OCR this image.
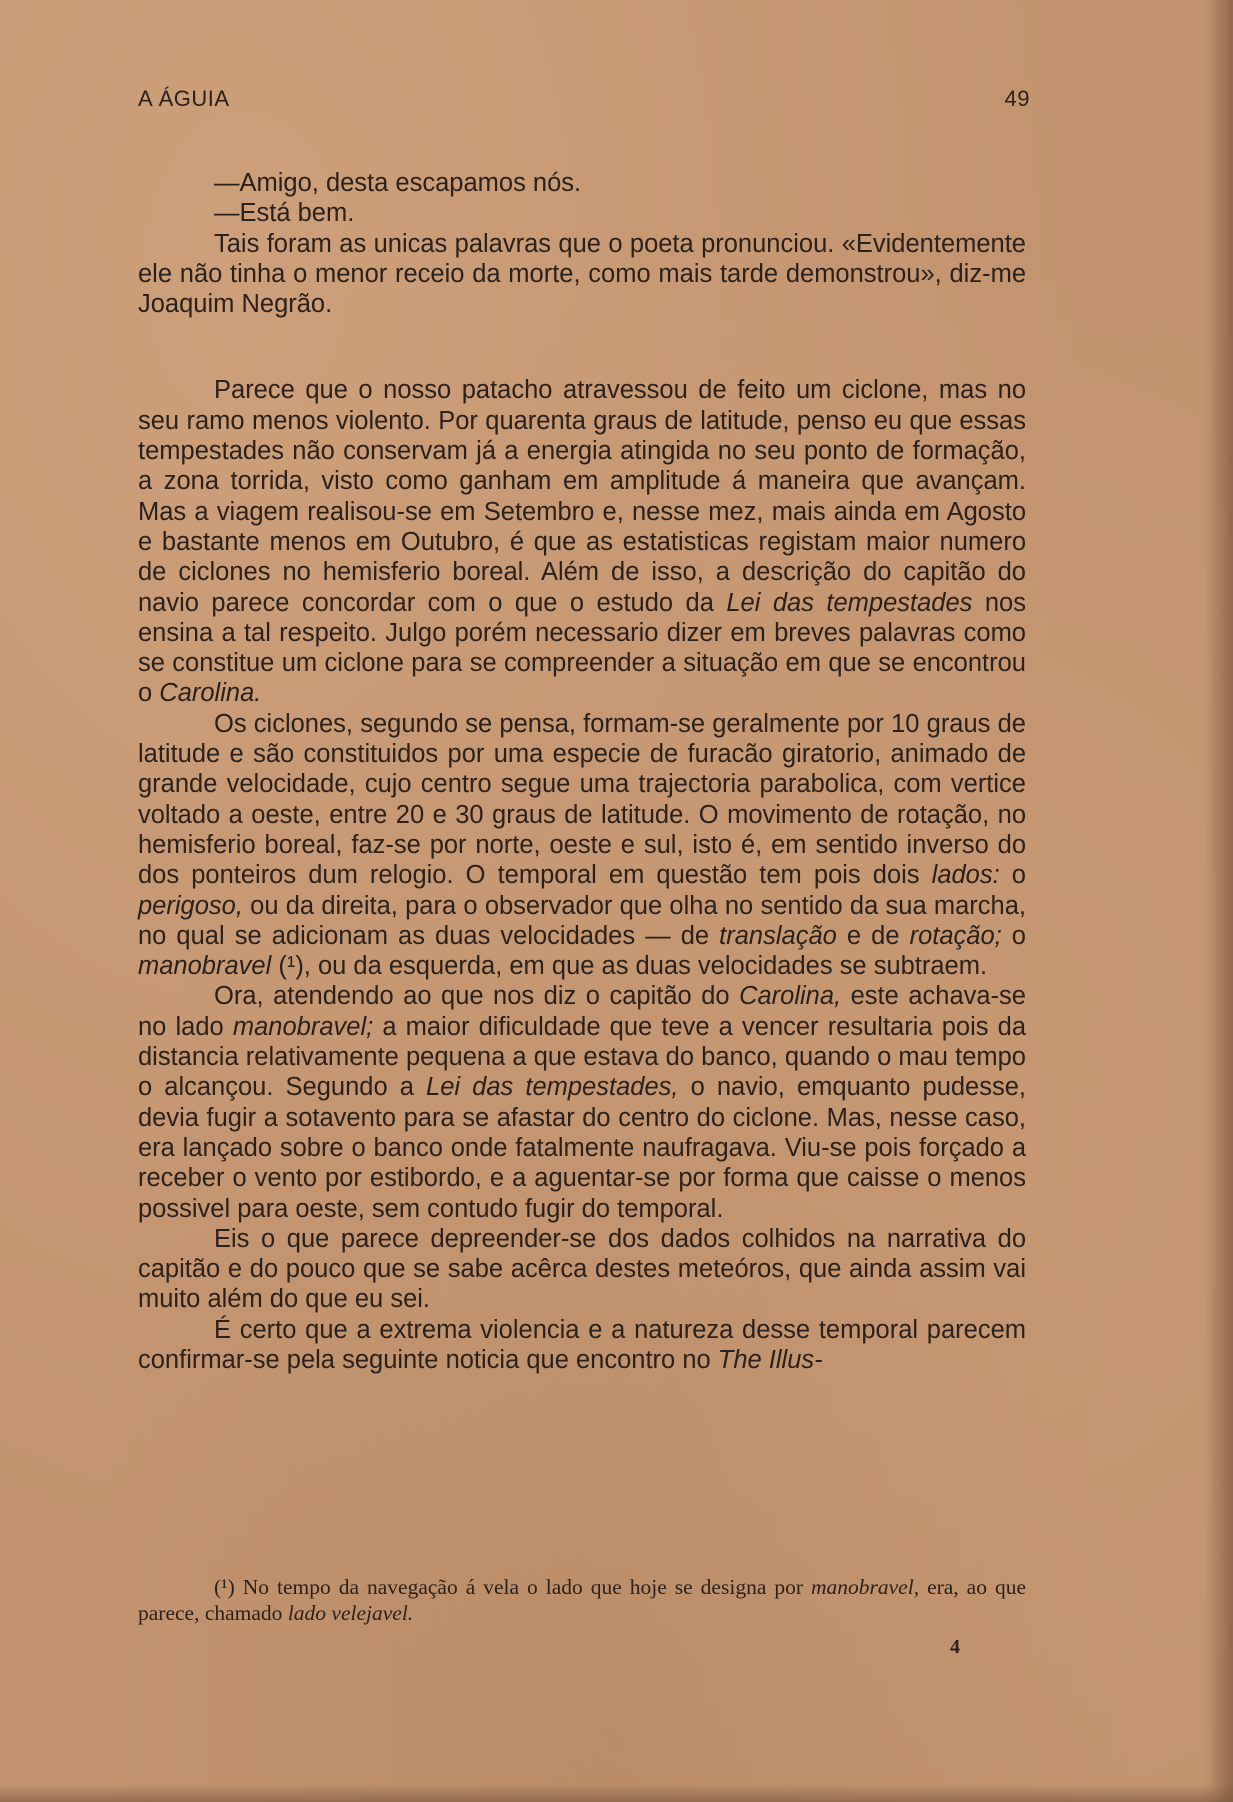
A ÁGUIA	49

—Amigo, desta escapamos nós.

—Está bem.

Tais foram as unicas palavras que o poeta pronunciou. «Evidentemente ele não tinha o menor receio da morte, como mais tarde demonstrou», diz-me Joaquim Negrão.

Parece que o nosso patacho atravessou de feito um ciclone, mas no seu ramo menos violento. Por quarenta graus de latitude, penso eu que essas tempestades não conservam já a energia atingida no seu ponto de formação, a zona torrida, visto como ganham em amplitude á maneira que avançam. Mas a viagem realisou-se em Setembro e, nesse mez, mais ainda em Agosto e bastante menos em Outubro, é que as estatisticas registam maior numero de ciclones no hemisferio boreal. Além de isso, a descrição do capitão do navio parece concordar com o que o estudo da Lei das tempestades nos ensina a tal respeito. Julgo porém necessario dizer em breves palavras como se constitue um ciclone para se compreender a situação em que se encontrou o Carolina.

Os ciclones, segundo se pensa, formam-se geralmente por 10 graus de latitude e são constituidos por uma especie de furacão giratorio, animado de grande velocidade, cujo centro segue uma trajectoria parabolica, com vertice voltado a oeste, entre 20 e 30 graus de latitude. O movimento de rotação, no hemisferio boreal, faz-se por norte, oeste e sul, isto é, em sentido inverso do dos ponteiros dum relogio. O temporal em questão tem pois dois lados: o perigoso, ou da direita, para o observador que olha no sentido da sua marcha, no qual se adicionam as duas velocidades — de translação e de rotação; o manobravel (¹), ou da esquerda, em que as duas velocidades se subtraem.

Ora, atendendo ao que nos diz o capitão do Carolina, este achava-se no lado manobravel; a maior dificuldade que teve a vencer resultaria pois da distancia relativamente pequena a que estava do banco, quando o mau tempo o alcançou. Segundo a Lei das tempestades, o navio, emquanto pudesse, devia fugir a sotavento para se afastar do centro do ciclone. Mas, nesse caso, era lançado sobre o banco onde fatalmente naufragava. Viu-se pois forçado a receber o vento por estibordo, e a aguentar-se por forma que caisse o menos possivel para oeste, sem contudo fugir do temporal.

Eis o que parece depreender-se dos dados colhidos na narrativa do capitão e do pouco que se sabe acêrca destes meteóros, que ainda assim vai muito além do que eu sei.

É certo que a extrema violencia e a natureza desse temporal parecem confirmar-se pela seguinte noticia que encontro no The Illus-

(¹) No tempo da navegação á vela o lado que hoje se designa por manobravel, era, ao que parece, chamado lado velejavel.

4
